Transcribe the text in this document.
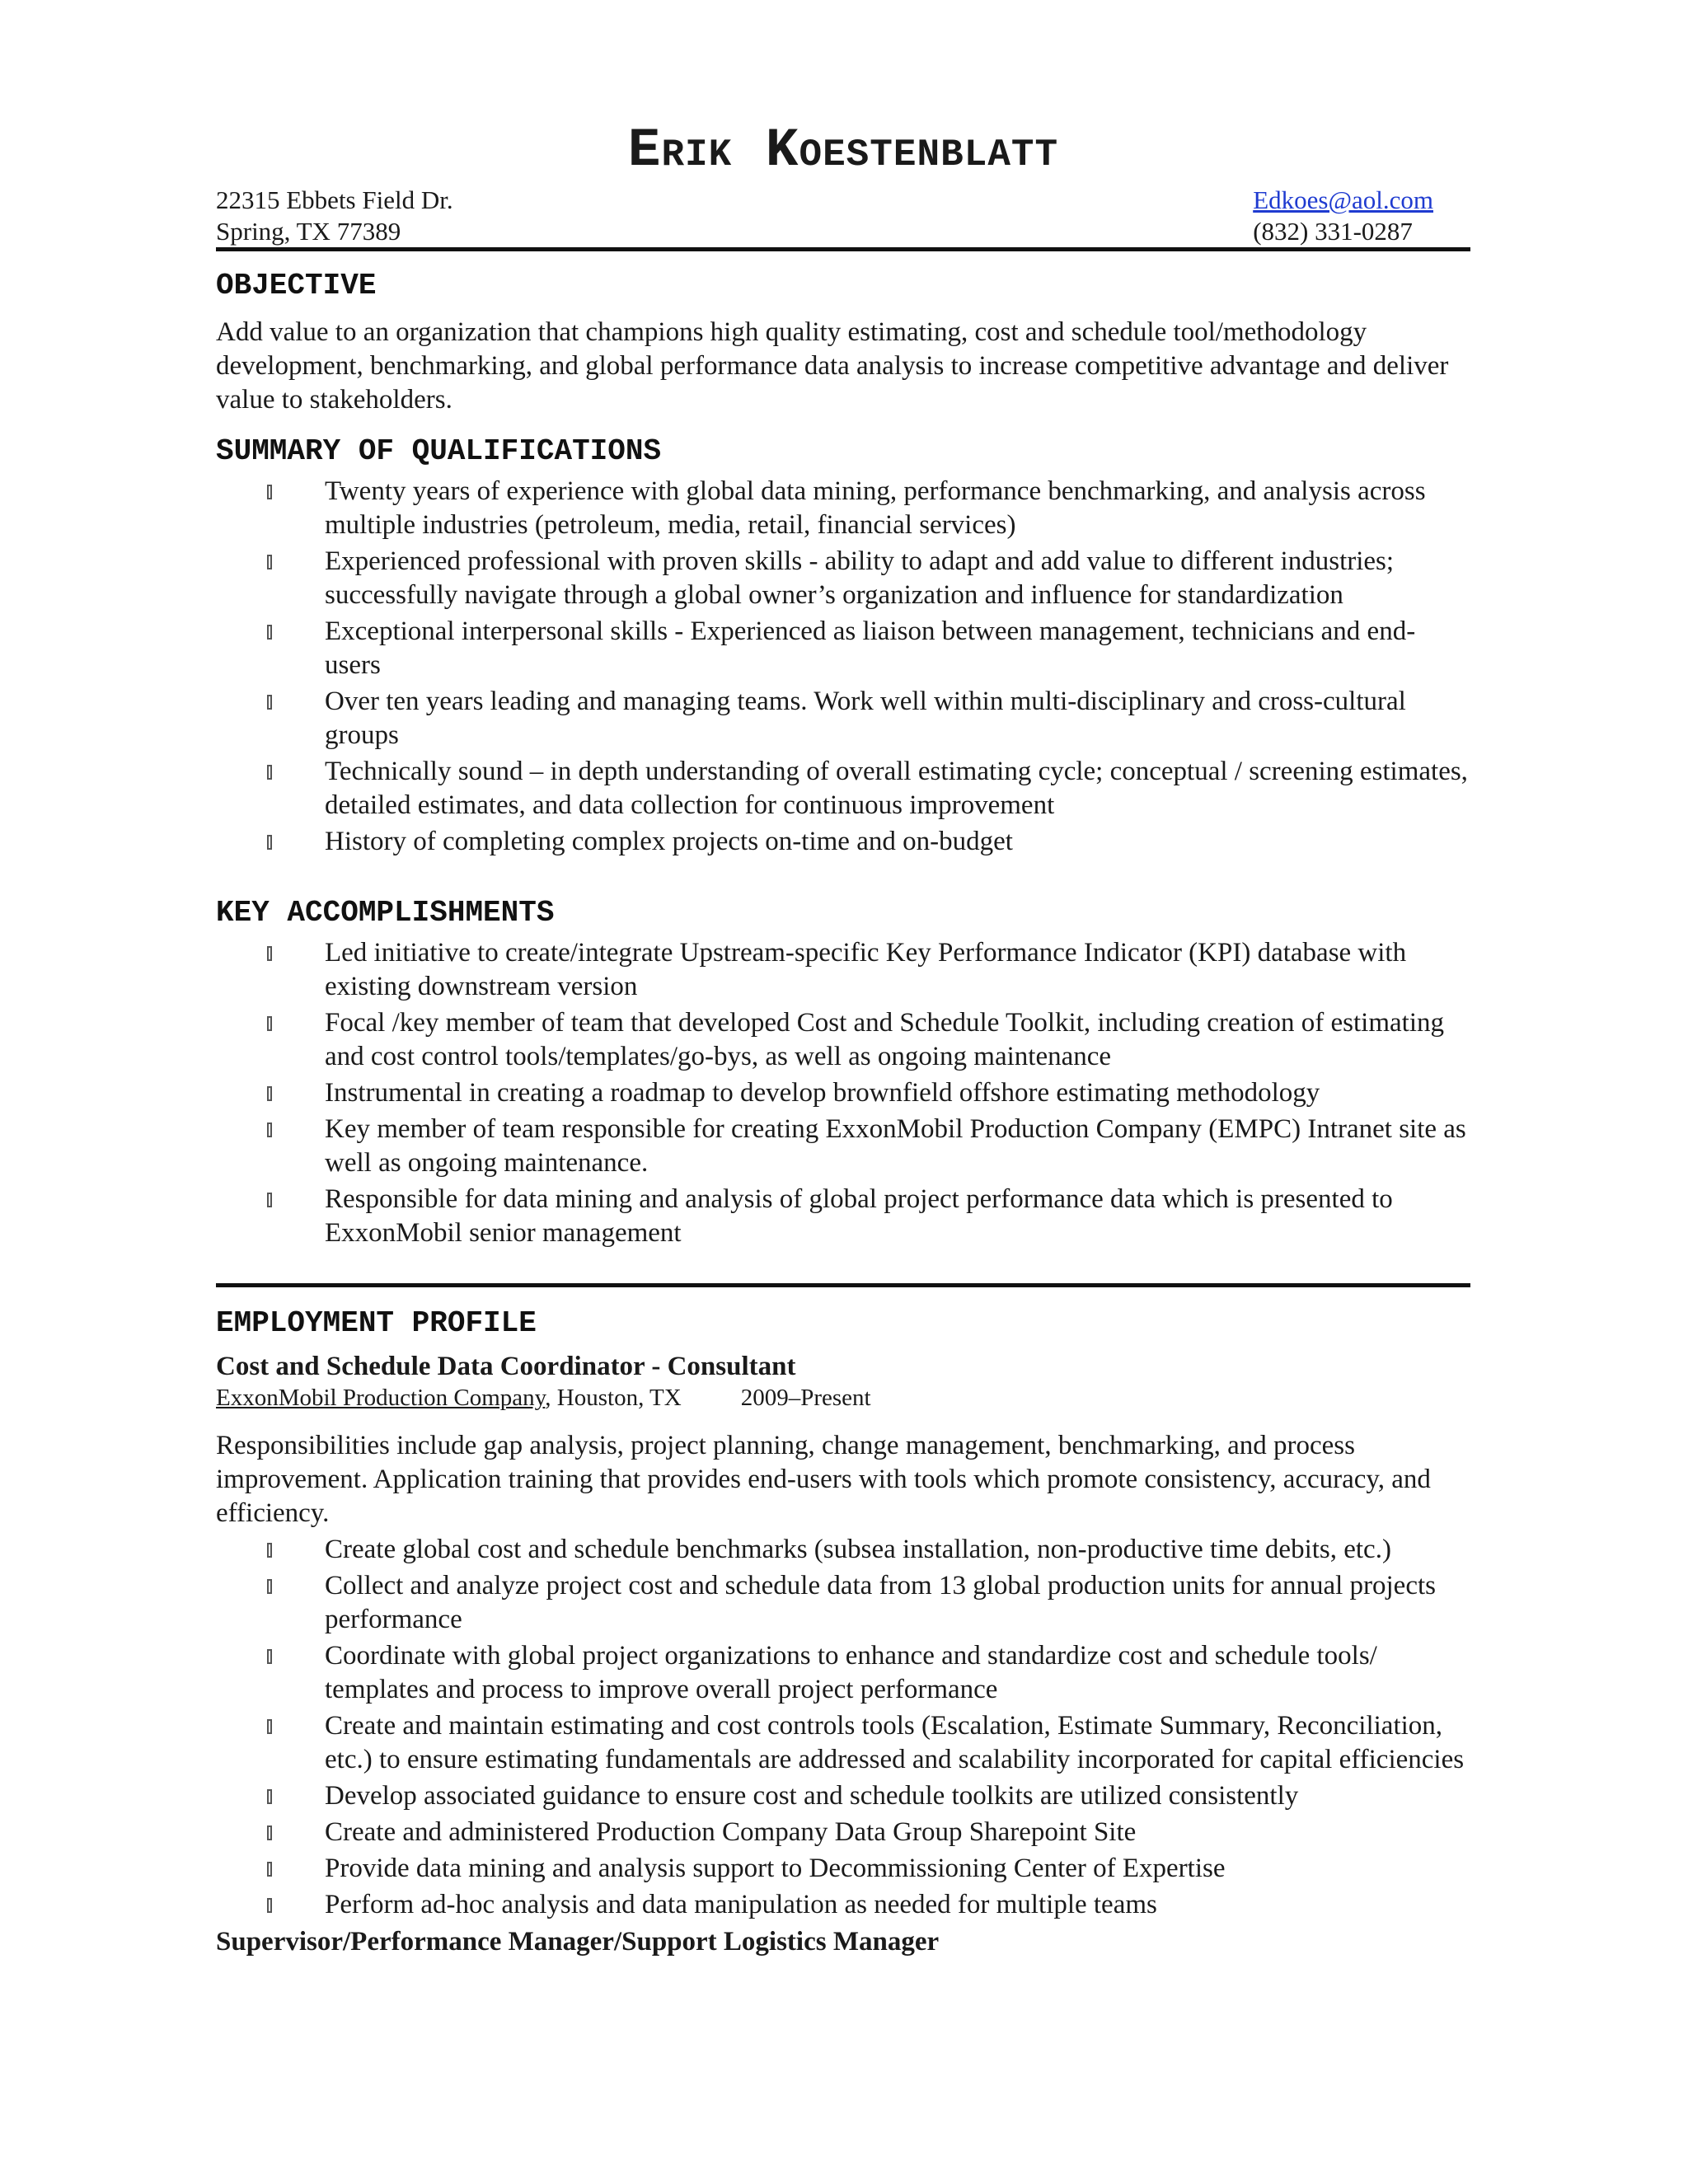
Erik Koestenblatt
22315 Ebbets Field Dr.
Spring, TX 77389
Edkoes@aol.com
(832) 331-0287
OBJECTIVE

Add value to an organization that champions high quality estimating, cost and schedule tool/methodology development, benchmarking, and global performance data analysis to increase competitive advantage and deliver value to stakeholders.

SUMMARY OF QUALIFICATIONS
Twenty years of experience with global data mining, performance benchmarking, and analysis across multiple industries (petroleum, media, retail, financial services)
Experienced professional with proven skills - ability to adapt and add value to different industries; successfully navigate through a global owner’s organization and influence for standardization
Exceptional interpersonal skills - Experienced as liaison between management, technicians and end-users
Over ten years leading and managing teams. Work well within multi-disciplinary and cross-cultural groups
Technically sound – in depth understanding of overall estimating cycle; conceptual / screening estimates, detailed estimates, and data collection for continuous improvement
History of completing complex projects on-time and on-budget
KEY ACCOMPLISHMENTS
Led initiative to create/integrate Upstream-specific Key Performance Indicator (KPI) database with existing downstream version
Focal /key member of team that developed Cost and Schedule Toolkit, including creation of estimating and cost control tools/templates/go-bys, as well as ongoing maintenance
Instrumental in creating a roadmap to develop brownfield offshore estimating methodology
Key member of team responsible for creating ExxonMobil Production Company (EMPC) Intranet site as well as ongoing maintenance.
Responsible for data mining and analysis of global project performance data which is presented to ExxonMobil senior management
EMPLOYMENT PROFILE
Cost and Schedule Data Coordinator - Consultant
ExxonMobil Production Company, Houston, TX 2009–Present

Responsibilities include gap analysis, project planning, change management, benchmarking, and process improvement. Application training that provides end-users with tools which promote consistency, accuracy, and efficiency.

Create global cost and schedule benchmarks (subsea installation, non-productive time debits, etc.)
Collect and analyze project cost and schedule data from 13 global production units for annual projects performance
Coordinate with global project organizations to enhance and standardize cost and schedule tools/ templates and process to improve overall project performance
Create and maintain estimating and cost controls tools (Escalation, Estimate Summary, Reconciliation, etc.) to ensure estimating fundamentals are addressed and scalability incorporated for capital efficiencies
Develop associated guidance to ensure cost and schedule toolkits are utilized consistently
Create and administered Production Company Data Group Sharepoint Site
Provide data mining and analysis support to Decommissioning Center of Expertise
Perform ad-hoc analysis and data manipulation as needed for multiple teams
Supervisor/Performance Manager/Support Logistics Manager
